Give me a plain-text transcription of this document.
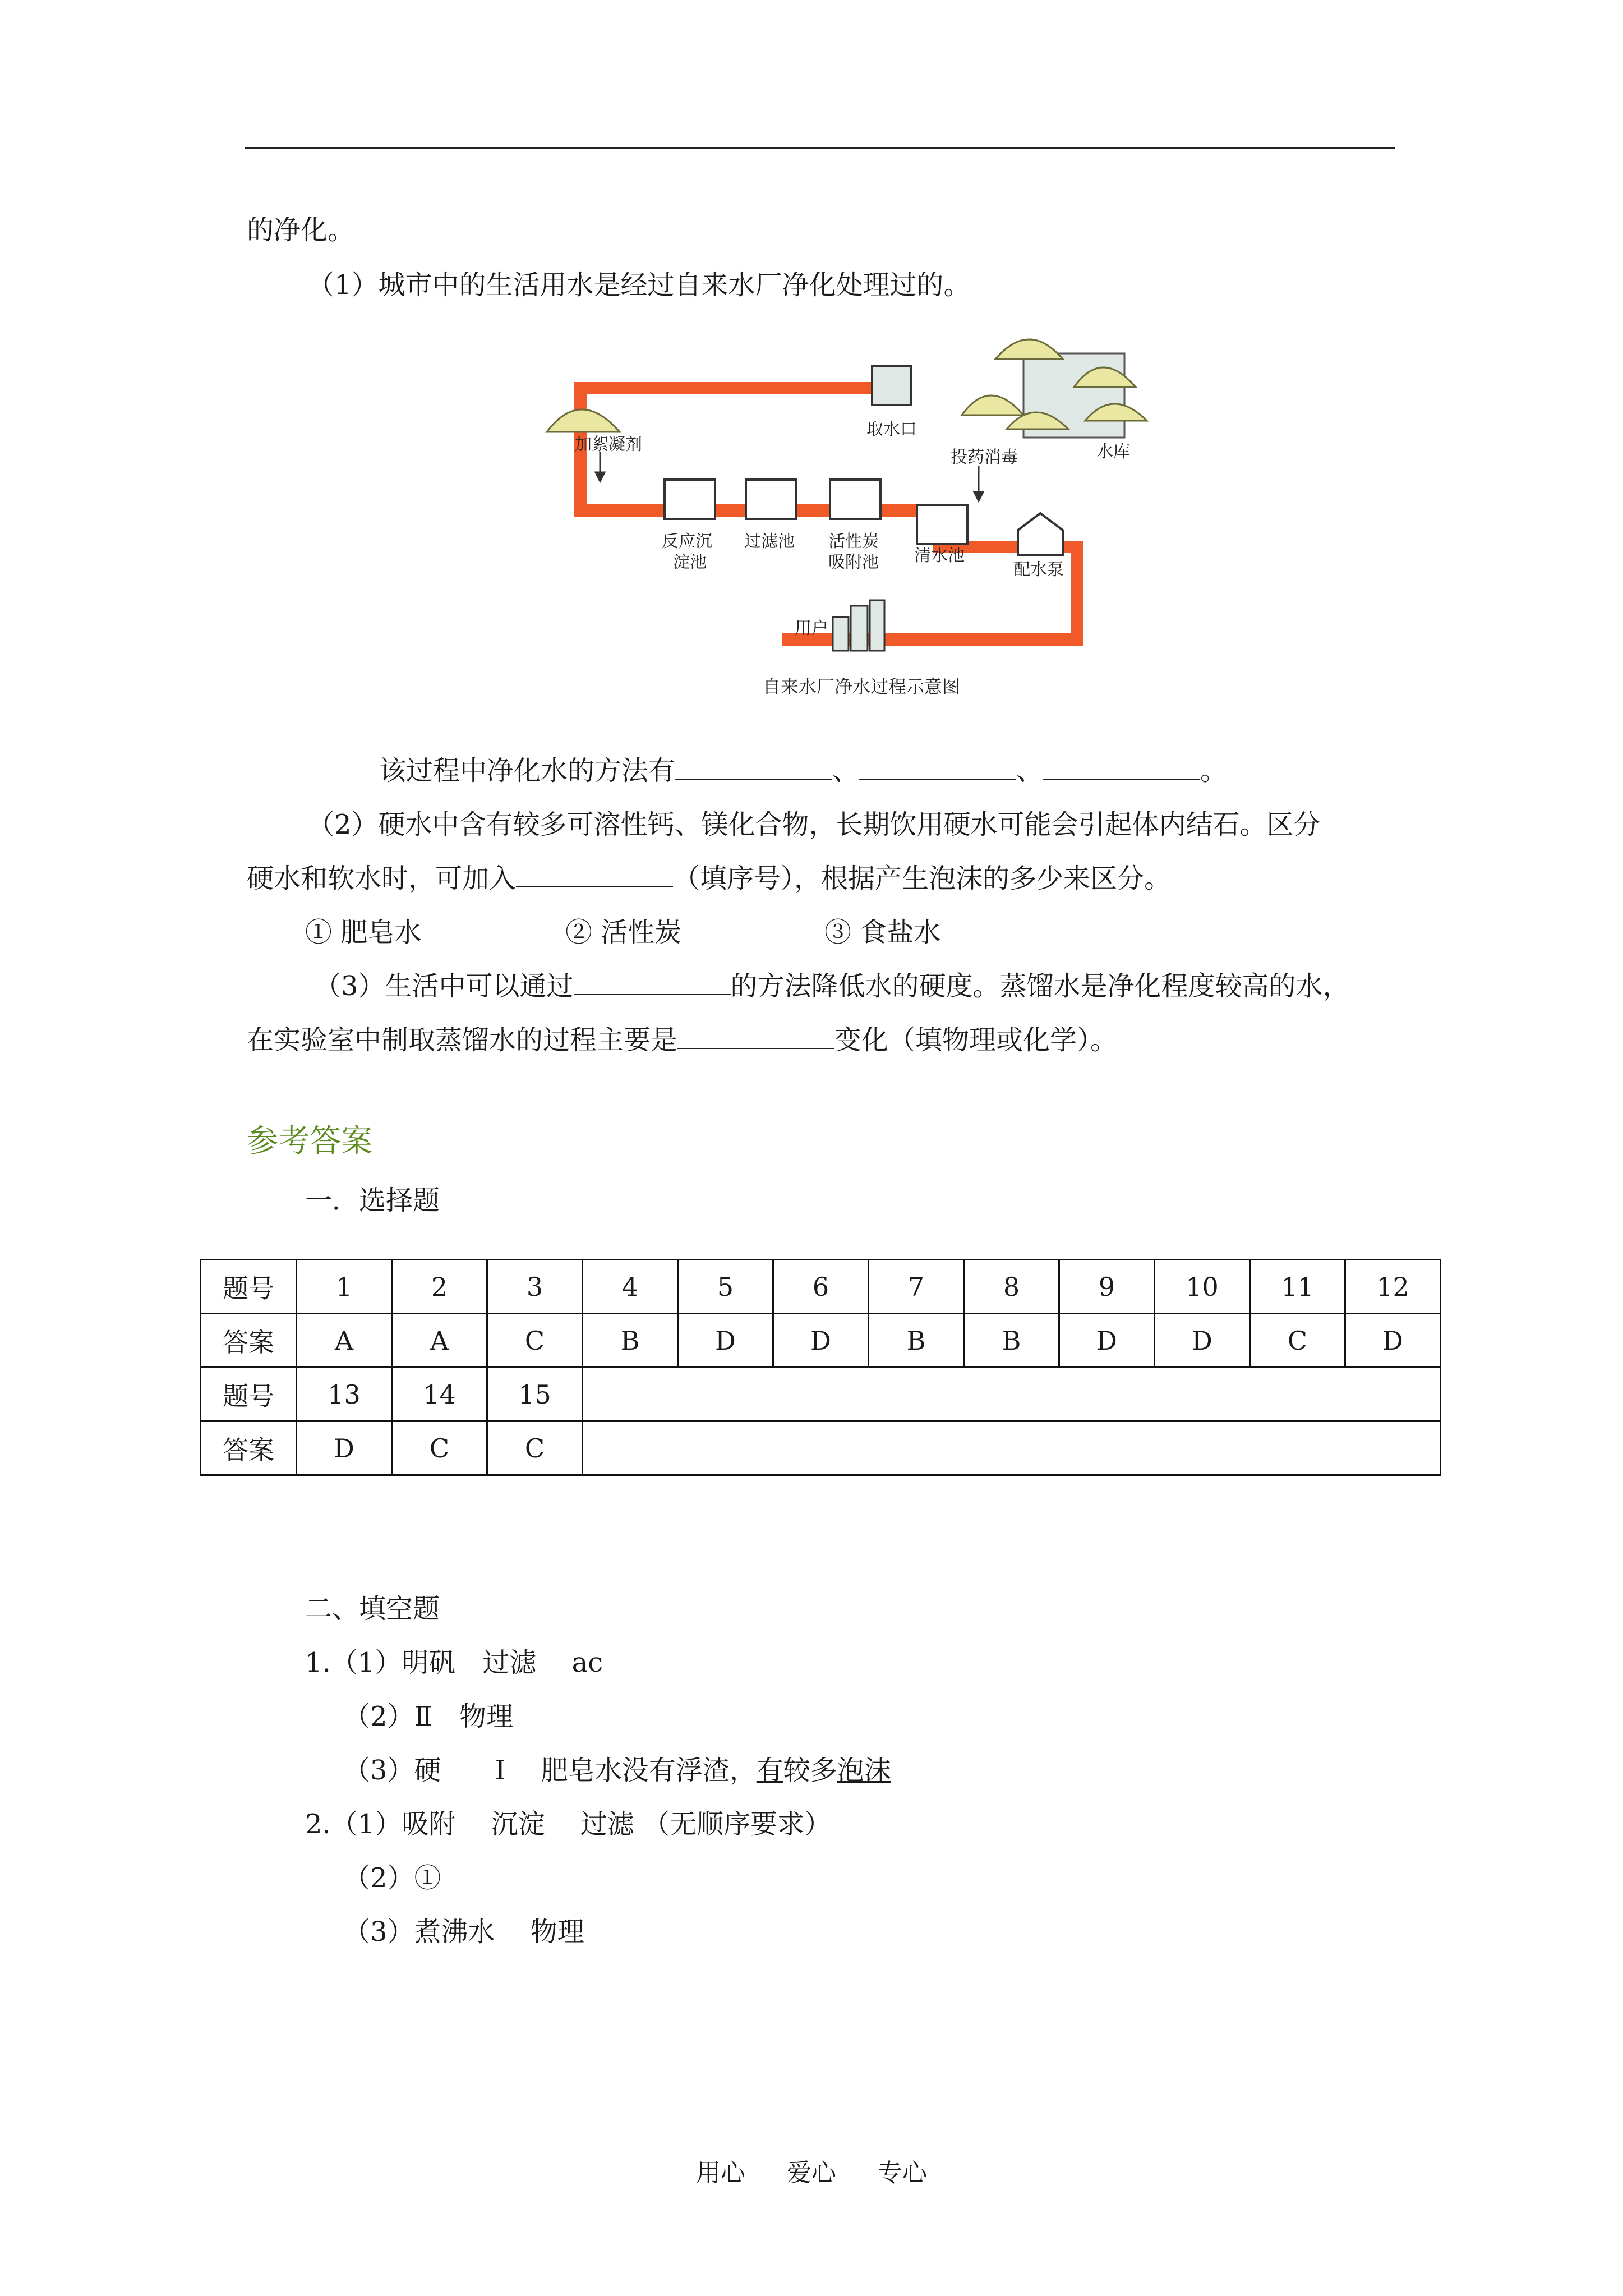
的净化。
（1）城市中的生活用水是经过自来水厂净化处理过的。
加絮凝剂
取水口
水库
投药消毒
反应沉
淀池
过滤池 活性炭
吸附池 清水池
配水泵
用户
自来水厂净水过程示意图
该过程中净化水的方法有	、	、	。
（2）硬水中含有较多可溶性钙、镁化合物，长期饮用硬水可能会引起体内结石。区分
硬水和软水时，可加入	（填序号），根据产生泡沫的多少来区分。
① 肥皂水	② 活性炭	③ 食盐水
（3）生活中可以通过	的方法降低水的硬度。蒸馏水是净化程度较高的水，
在实验室中制取蒸馏水的过程主要是	变化（填物理或化学）。
参考答案
一．选择题
题号	1	2	3	4	5	6	7	8	9	10	11	12
答案	A	A	C	B	D	D	B	B	D	D	C	D
题号	13	14	15									
答案	D	C	C									
二、填空题
1.（1）明矾　过滤　 ac
（2）Ⅱ　物理
（3）硬　　Ⅰ　 肥皂水没有浮渣，有较多泡沫
2.（1）吸附　 沉淀　 过滤 （无顺序要求）
（2）①
（3）煮沸水　 物理
用心 爱心 专心
